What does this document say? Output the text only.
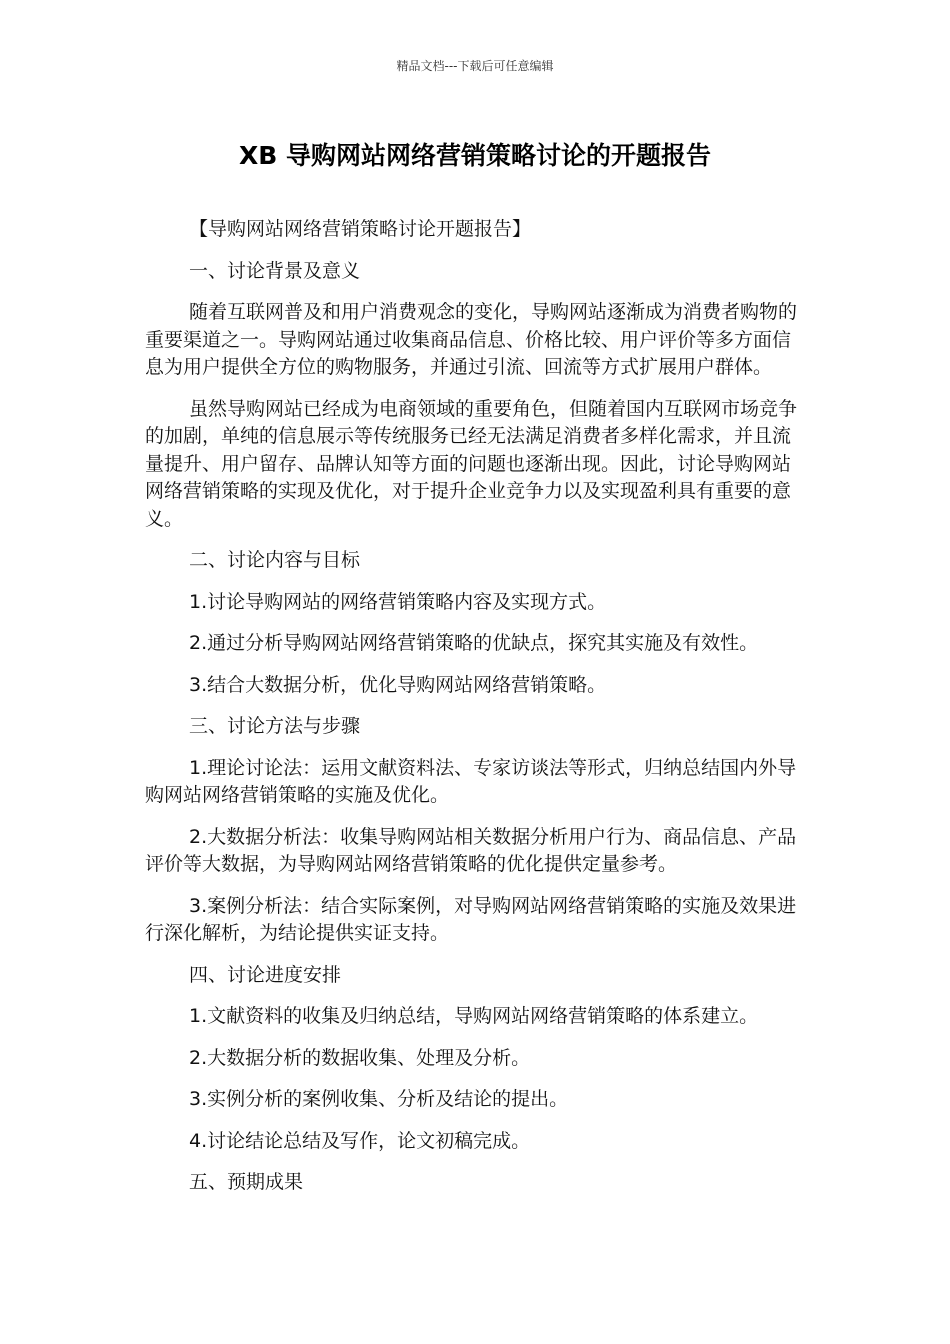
精品文档---下载后可任意编辑
XB 导购网站网络营销策略讨论的开题报告

【导购网站网络营销策略讨论开题报告】

一、讨论背景及意义

随着互联网普及和用户消费观念的变化，导购网站逐渐成为消费者购物的重要渠道之一。导购网站通过收集商品信息、价格比较、用户评价等多方面信息为用户提供全方位的购物服务，并通过引流、回流等方式扩展用户群体。

虽然导购网站已经成为电商领域的重要角色，但随着国内互联网市场竞争的加剧，单纯的信息展示等传统服务已经无法满足消费者多样化需求，并且流量提升、用户留存、品牌认知等方面的问题也逐渐出现。因此，讨论导购网站网络营销策略的实现及优化，对于提升企业竞争力以及实现盈利具有重要的意义。

二、讨论内容与目标

1.讨论导购网站的网络营销策略内容及实现方式。

2.通过分析导购网站网络营销策略的优缺点，探究其实施及有效性。

3.结合大数据分析，优化导购网站网络营销策略。

三、讨论方法与步骤

1.理论讨论法：运用文献资料法、专家访谈法等形式，归纳总结国内外导购网站网络营销策略的实施及优化。

2.大数据分析法：收集导购网站相关数据分析用户行为、商品信息、产品评价等大数据，为导购网站网络营销策略的优化提供定量参考。

3.案例分析法：结合实际案例，对导购网站网络营销策略的实施及效果进行深化解析，为结论提供实证支持。

四、讨论进度安排

1.文献资料的收集及归纳总结，导购网站网络营销策略的体系建立。

2.大数据分析的数据收集、处理及分析。

3.实例分析的案例收集、分析及结论的提出。

4.讨论结论总结及写作，论文初稿完成。

五、预期成果
